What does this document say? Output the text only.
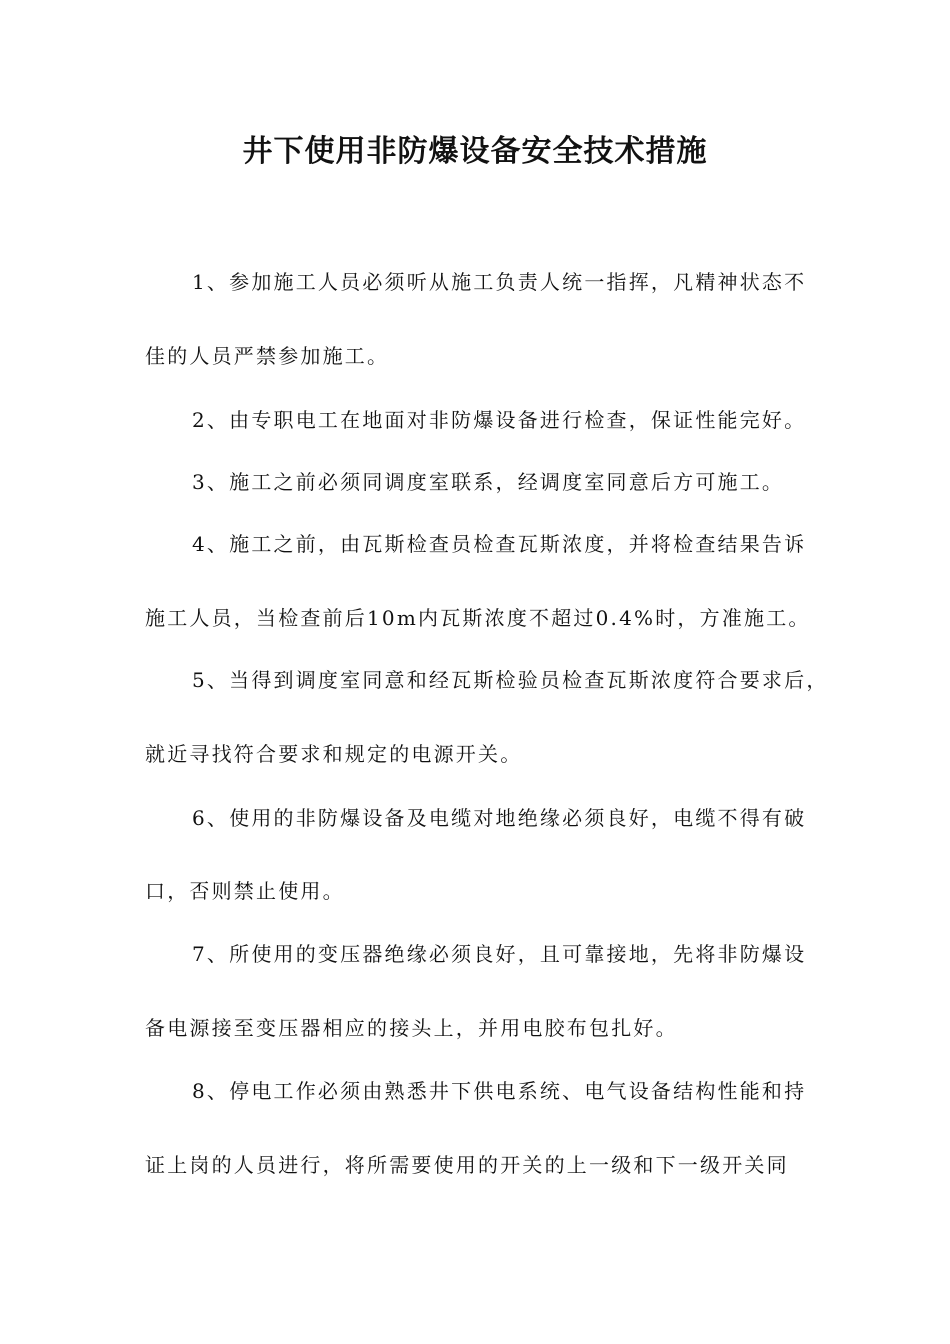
井下使用非防爆设备安全技术措施
1、参加施工人员必须听从施工负责人统一指挥，凡精神状态不
佳的人员严禁参加施工。
2、由专职电工在地面对非防爆设备进行检查，保证性能完好。
3、施工之前必须同调度室联系，经调度室同意后方可施工。
4、施工之前，由瓦斯检查员检查瓦斯浓度，并将检查结果告诉
施工人员，当检查前后10m内瓦斯浓度不超过0.4%时，方准施工。
5、当得到调度室同意和经瓦斯检验员检查瓦斯浓度符合要求后，
就近寻找符合要求和规定的电源开关。
6、使用的非防爆设备及电缆对地绝缘必须良好，电缆不得有破
口，否则禁止使用。
7、所使用的变压器绝缘必须良好，且可靠接地，先将非防爆设
备电源接至变压器相应的接头上，并用电胶布包扎好。
8、停电工作必须由熟悉井下供电系统、电气设备结构性能和持
证上岗的人员进行，将所需要使用的开关的上一级和下一级开关同
